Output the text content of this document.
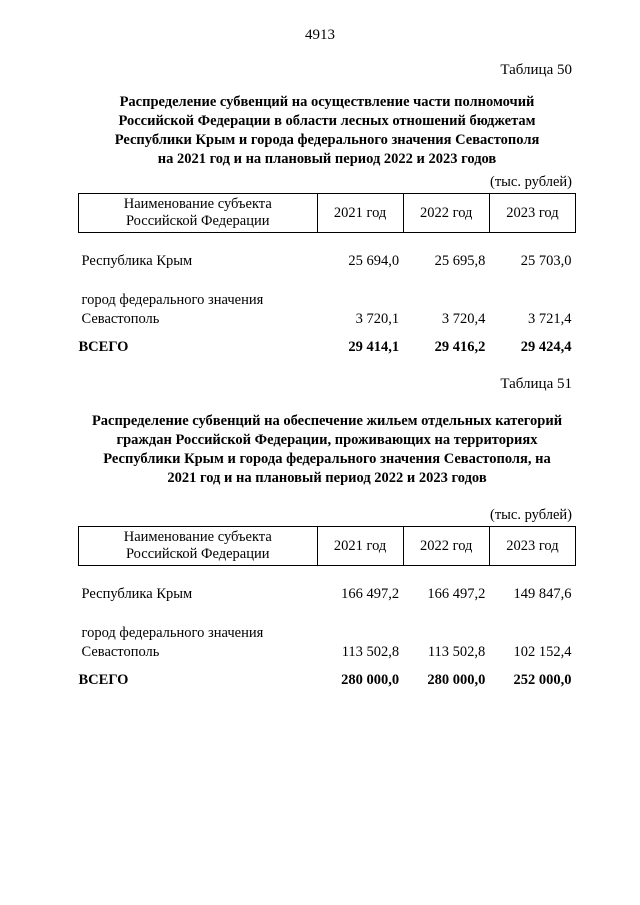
4913
Таблица 50
Распределение субвенций на осуществление части полномочий
Российской Федерации в области лесных отношений бюджетам
Республики Крым и города федерального значения Севастополя
на 2021 год и на плановый период 2022 и 2023 годов
(тыс. рублей)
Наименование субъекта
Российской Федерации	2021 год	2022 год	2023 год

Республика Крым	25 694,0	25 695,8	25 703,0

город федерального значения
Севастополь	3 720,1	3 720,4	3 721,4
ВСЕГО	29 414,1	29 416,2	29 424,4
Таблица 51
Распределение субвенций на обеспечение жильем отдельных категорий
граждан Российской Федерации, проживающих на территориях
Республики Крым и города федерального значения Севастополя, на
2021 год и на плановый период 2022 и 2023 годов
(тыс. рублей)
Наименование субъекта
Российской Федерации	2021 год	2022 год	2023 год

Республика Крым	166 497,2	166 497,2	149 847,6

город федерального значения
Севастополь	113 502,8	113 502,8	102 152,4
ВСЕГО	280 000,0	280 000,0	252 000,0
